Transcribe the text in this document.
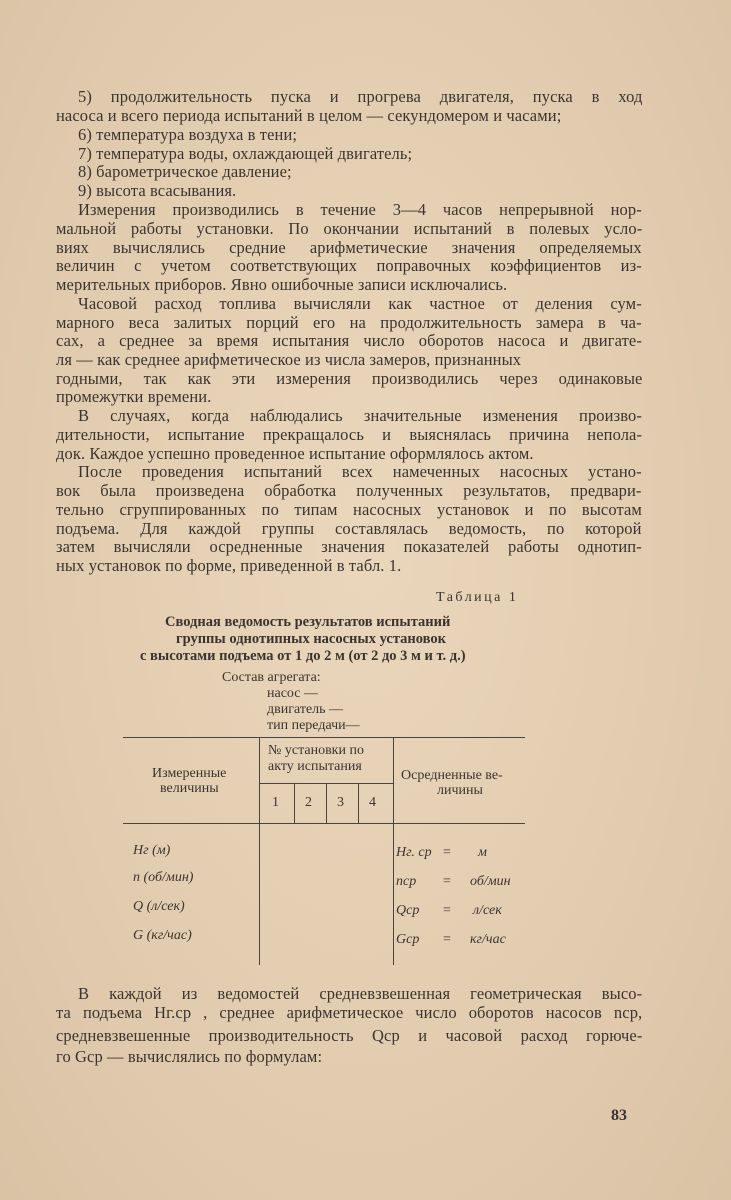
5) продолжительность пуска и прогрева двигателя, пуска в ход
насоса и всего периода испытаний в целом — секундомером и часами;
6) температура воздуха в тени;
7) температура воды, охлаждающей двигатель;
8) барометрическое давление;
9) высота всасывания.
Измерения производились в течение 3—4 часов непрерывной нор-
мальной работы установки. По окончании испытаний в полевых усло-
виях вычислялись средние арифметические значения определяемых
величин с учетом соответствующих поправочных коэффициентов из-
мерительных приборов. Явно ошибочные записи исключались.
Часовой расход топлива вычисляли как частное от деления сум-
марного веса залитых порций его на продолжительность замера в ча-
сах, а среднее за время испытания число оборотов насоса и двигате-
ля — как среднее арифметическое из числа замеров, признанных
годными, так как эти измерения производились через одинаковые
промежутки времени.
В случаях, когда наблюдались значительные изменения произво-
дительности, испытание прекращалось и выяснялась причина непола-
док. Каждое успешно проведенное испытание оформлялось актом.
После проведения испытаний всех намеченных насосных устано-
вок была произведена обработка полученных результатов, предвари-
тельно сгруппированных по типам насосных установок и по высотам
подъема. Для каждой группы составлялась ведомость, по которой
затем вычисляли осредненные значения показателей работы однотип-
ных установок по форме, приведенной в табл. 1.
Таблица 1
Сводная ведомость результатов испытаний
группы однотипных насосных установок
с высотами подъема от 1 до 2 м (от 2 до 3 м и т. д.)
Состав агрегата:
насос —
двигатель —
тип передачи—
Измеренные
величины
№ установки по
акту испытания
1 2 3 4
Осредненные ве-
личины
Hг (м)
n (об/мин)
Q (л/сек)
G (кг/час)
Hг. ср
nср
Qср
Gср
=
=
=
=
м
об/мин
л/сек
кг/час
В каждой из ведомостей средневзвешенная геометрическая высо-
та подъема Hг.ср , среднее арифметическое число оборотов насосов nср,
средневзвешенные производительность Qср и часовой расход горюче-
го Gср — вычислялись по формулам:
83
